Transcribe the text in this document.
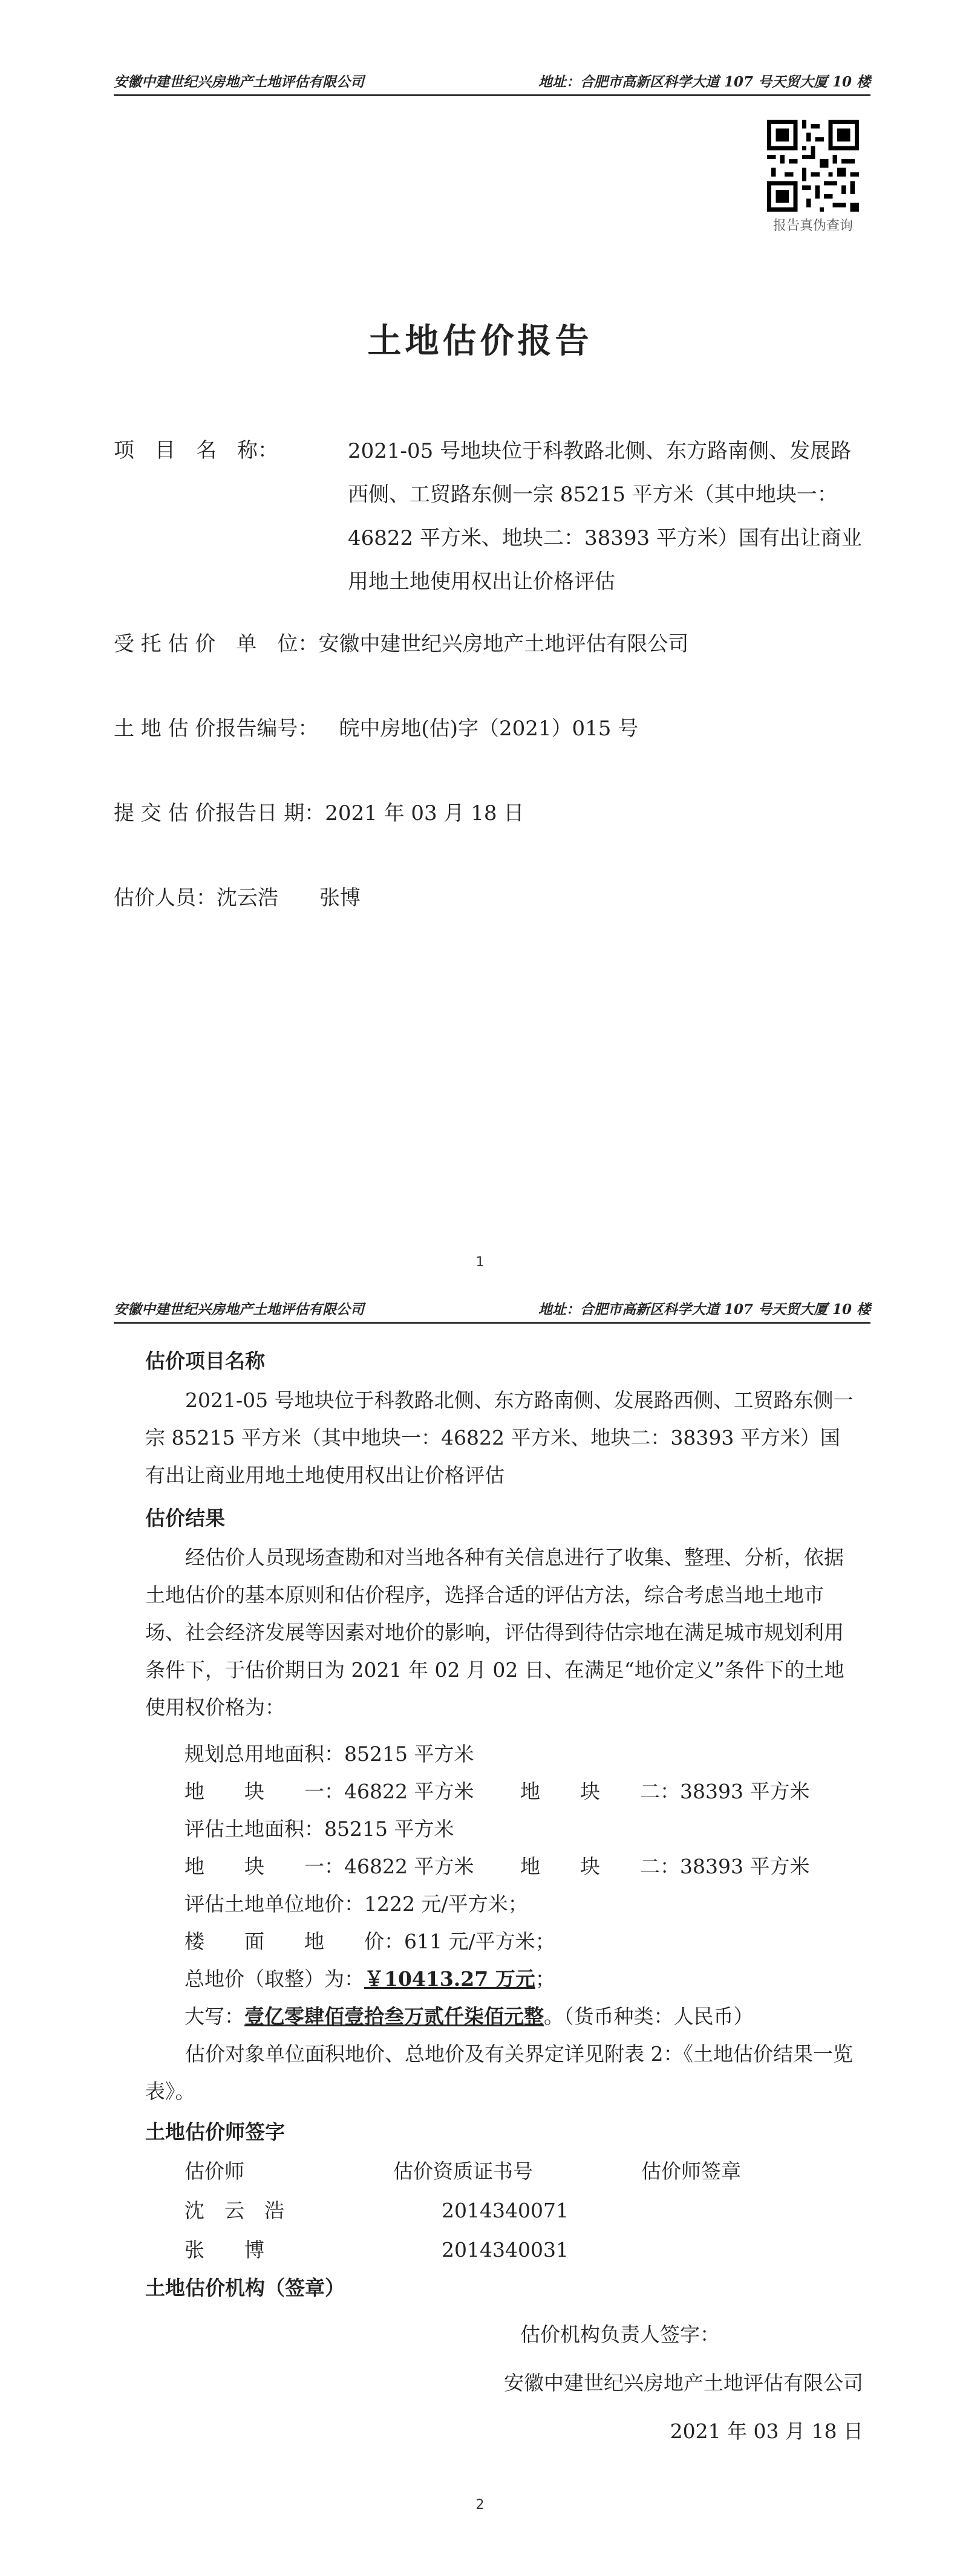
安徽中建世纪兴房地产土地评估有限公司	地址：合肥市高新区科学大道 107 号天贸大厦 10 楼
报告真伪查询
土地估价报告
项　目　名　称：	2021-05 号地块位于科教路北侧、东方路南侧、发展路西侧、工贸路东侧一宗 85215 平方米（其中地块一：46822 平方米、地块二：38393 平方米）国有出让商业用地土地使用权出让价格评估
受 托 估 价　单　位：安徽中建世纪兴房地产土地评估有限公司
土 地 估 价报告编号：　 皖中房地(估)字（2021）015 号
提 交 估 价报告日 期：2021 年 03 月 18 日
估价人员：沈云浩　　张博
1
安徽中建世纪兴房地产土地评估有限公司	地址：合肥市高新区科学大道 107 号天贸大厦 10 楼
估价项目名称
2021-05 号地块位于科教路北侧、东方路南侧、发展路西侧、工贸路东侧一宗 85215 平方米（其中地块一：46822 平方米、地块二：38393 平方米）国有出让商业用地土地使用权出让价格评估
估价结果
经估价人员现场查勘和对当地各种有关信息进行了收集、整理、分析，依据土地估价的基本原则和估价程序，选择合适的评估方法，综合考虑当地土地市场、社会经济发展等因素对地价的影响，评估得到待估宗地在满足城市规划利用条件下，于估价期日为 2021 年 02 月 02 日、在满足“地价定义”条件下的土地使用权价格为：
规划总用地面积：85215 平方米
地　　块　　一：46822 平方米 地　　块　　二：38393 平方米
评估土地面积：85215 平方米
地　　块　　一：46822 平方米 地　　块　　二：38393 平方米
评估土地单位地价：1222 元/平方米；
楼　　面　　地　　价：611 元/平方米；
总地价（取整）为：￥10413.27 万元；
大写：壹亿零肆佰壹拾叁万贰仟柒佰元整。（货币种类：人民币）
估价对象单位面积地价、总地价及有关界定详见附表 2：《土地估价结果一览表》。
土地估价师签字
估价师	估价资质证书号	估价师签章
沈　云　浩	2014340071
张　　博	2014340031
土地估价机构（签章）
估价机构负责人签字：
安徽中建世纪兴房地产土地评估有限公司
2021 年 03 月 18 日
2
